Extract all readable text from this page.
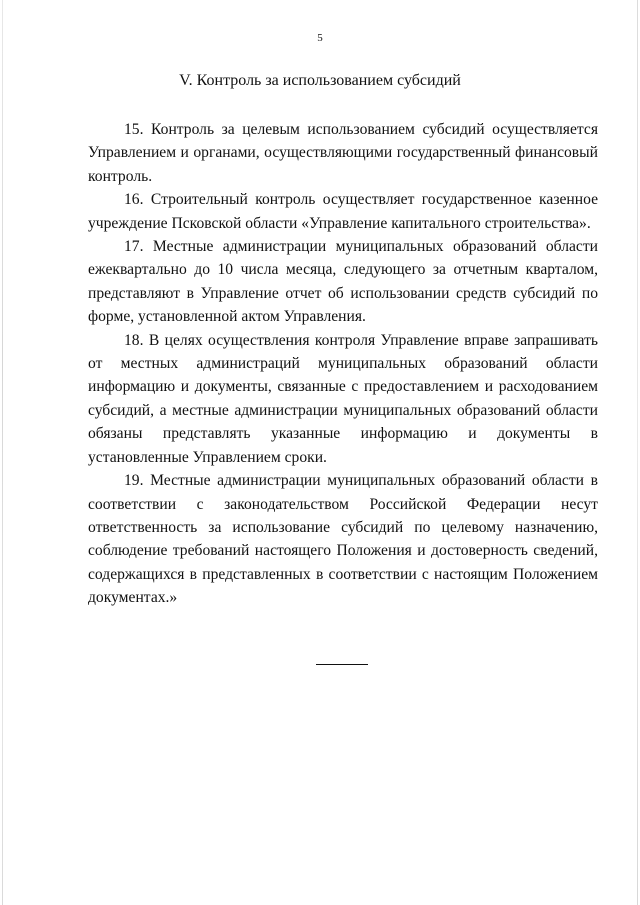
5
V. Контроль за использованием субсидий

15. Контроль за целевым использованием субсидий осуществляется Управлением и органами, осуществляющими государственный финансовый контроль.

16. Строительный контроль осуществляет государственное казенное учреждение Псковской области «Управление капитального строительства».

17. Местные администрации муниципальных образований области ежеквартально до 10 числа месяца, следующего за отчетным кварталом, представляют в Управление отчет об использовании средств субсидий по форме, установленной актом Управления.

18. В целях осуществления контроля Управление вправе запрашивать от местных администраций муниципальных образований области информацию и документы, связанные с предоставлением и расходованием субсидий, а местные администрации муниципальных образований области обязаны представлять указанные информацию и документы в установленные Управлением сроки.

19. Местные администрации муниципальных образований области в соответствии с законодательством Российской Федерации несут ответственность за использование субсидий по целевому назначению, соблюдение требований настоящего Положения и достоверность сведений, содержащихся в представленных в соответствии с настоящим Положением документах.»
